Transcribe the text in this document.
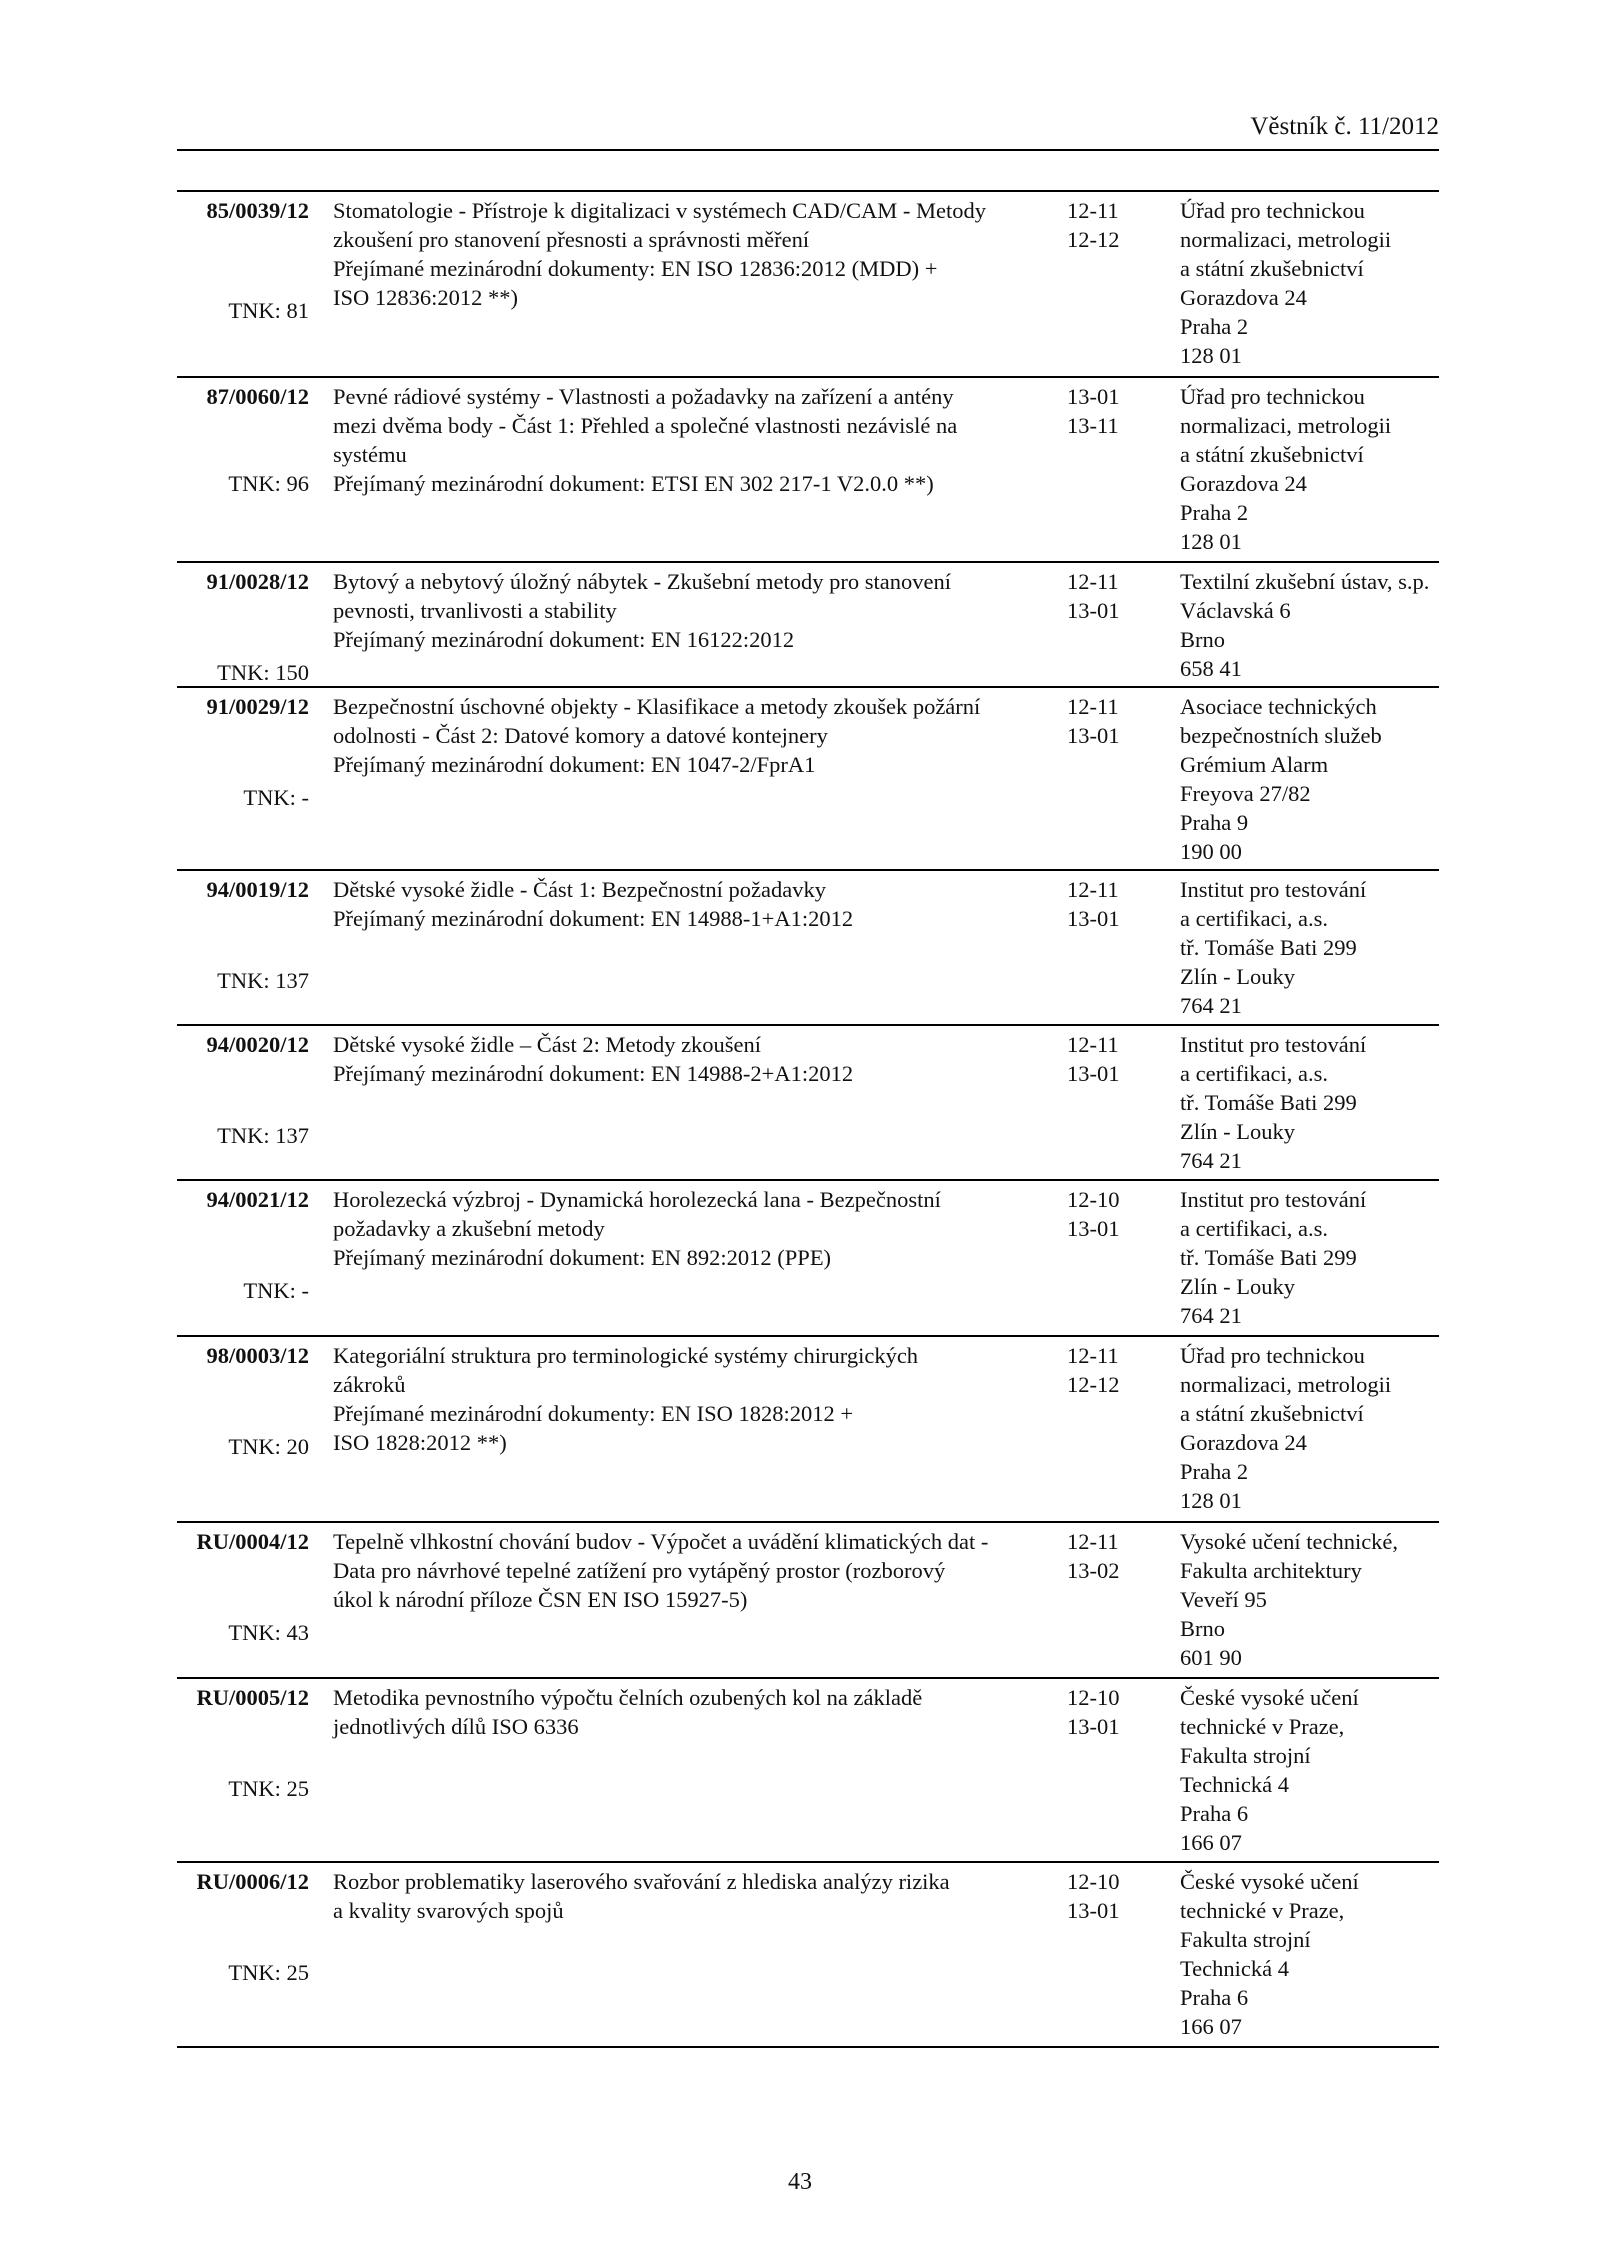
Věstník č. 11/2012
85/0039/12
TNK: 81
Stomatologie - Přístroje k digitalizaci v systémech CAD/CAM - Metody
zkoušení pro stanovení přesnosti a správnosti měření
Přejímané mezinárodní dokumenty: EN ISO 12836:2012 (MDD) +
ISO 12836:2012 **)
12-11
12-12
Úřad pro technickou
normalizaci, metrologii
a státní zkušebnictví
Gorazdova 24
Praha 2
128 01
87/0060/12
TNK: 96
Pevné rádiové systémy - Vlastnosti a požadavky na zařízení a antény
mezi dvěma body - Část 1: Přehled a společné vlastnosti nezávislé na
systému
Přejímaný mezinárodní dokument: ETSI EN 302 217-1 V2.0.0 **)
13-01
13-11
Úřad pro technickou
normalizaci, metrologii
a státní zkušebnictví
Gorazdova 24
Praha 2
128 01
91/0028/12
TNK: 150
Bytový a nebytový úložný nábytek - Zkušební metody pro stanovení
pevnosti, trvanlivosti a stability
Přejímaný mezinárodní dokument: EN 16122:2012
12-11
13-01
Textilní zkušební ústav, s.p.
Václavská 6
Brno
658 41
91/0029/12
TNK: -
Bezpečnostní úschovné objekty - Klasifikace a metody zkoušek požární
odolnosti - Část 2: Datové komory a datové kontejnery
Přejímaný mezinárodní dokument: EN 1047-2/FprA1
12-11
13-01
Asociace technických
bezpečnostních služeb
Grémium Alarm
Freyova 27/82
Praha 9
190 00
94/0019/12
TNK: 137
Dětské vysoké židle - Část 1: Bezpečnostní požadavky
Přejímaný mezinárodní dokument: EN 14988-1+A1:2012
12-11
13-01
Institut pro testování
a certifikaci, a.s.
tř. Tomáše Bati 299
Zlín - Louky
764 21
94/0020/12
TNK: 137
Dětské vysoké židle – Část 2: Metody zkoušení
Přejímaný mezinárodní dokument: EN 14988-2+A1:2012
12-11
13-01
Institut pro testování
a certifikaci, a.s.
tř. Tomáše Bati 299
Zlín - Louky
764 21
94/0021/12
TNK: -
Horolezecká výzbroj - Dynamická horolezecká lana - Bezpečnostní
požadavky a zkušební metody
Přejímaný mezinárodní dokument: EN 892:2012 (PPE)
12-10
13-01
Institut pro testování
a certifikaci, a.s.
tř. Tomáše Bati 299
Zlín - Louky
764 21
98/0003/12
TNK: 20
Kategoriální struktura pro terminologické systémy chirurgických
zákroků
Přejímané mezinárodní dokumenty: EN ISO 1828:2012 +
ISO 1828:2012 **)
12-11
12-12
Úřad pro technickou
normalizaci, metrologii
a státní zkušebnictví
Gorazdova 24
Praha 2
128 01
RU/0004/12
TNK: 43
Tepelně vlhkostní chování budov - Výpočet a uvádění klimatických dat -
Data pro návrhové tepelné zatížení pro vytápěný prostor (rozborový
úkol k národní příloze ČSN EN ISO 15927-5)
12-11
13-02
Vysoké učení technické,
Fakulta architektury
Veveří 95
Brno
601 90
RU/0005/12
TNK: 25
Metodika pevnostního výpočtu čelních ozubených kol na základě
jednotlivých dílů ISO 6336
12-10
13-01
České vysoké učení
technické v Praze,
Fakulta strojní
Technická 4
Praha 6
166 07
RU/0006/12
TNK: 25
Rozbor problematiky laserového svařování z hlediska analýzy rizika
a kvality svarových spojů
12-10
13-01
České vysoké učení
technické v Praze,
Fakulta strojní
Technická 4
Praha 6
166 07
43
